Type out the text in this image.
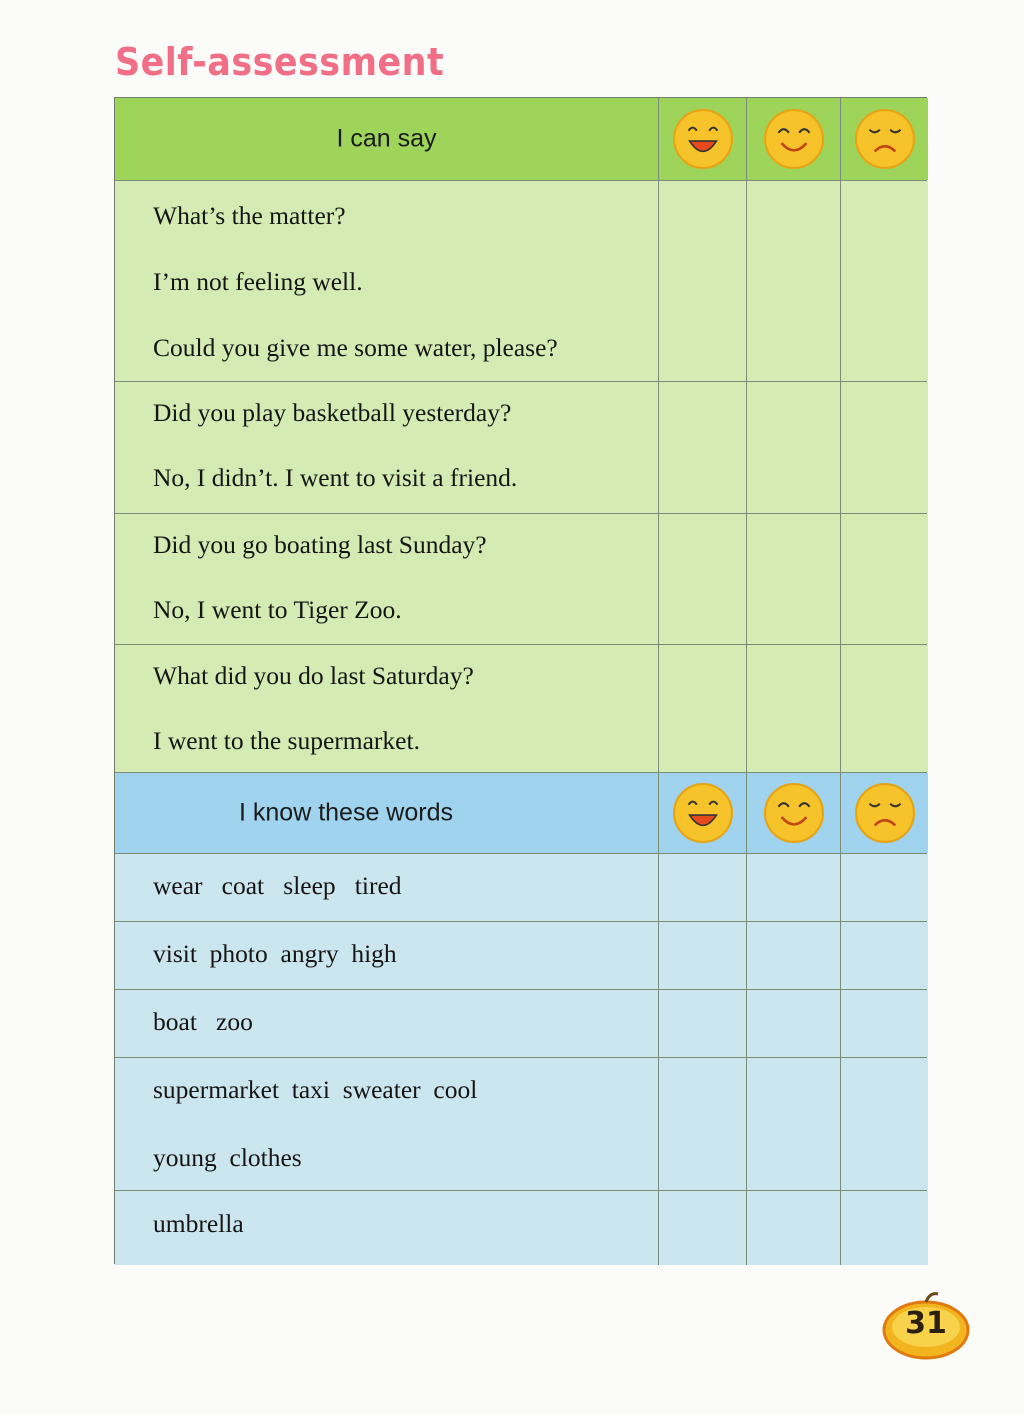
Self-assessment
I can say
What’s the matter?
I’m not feeling well.
Could you give me some water, please?
Did you play basketball yesterday?
No, I didn’t. I went to visit a friend.
Did you go boating last Sunday?
No, I went to Tiger Zoo.
What did you do last Saturday?
I went to the supermarket.
I know these words
wear   coat   sleep   tired
visit  photo  angry  high
boat   zoo
supermarket  taxi  sweater  cool
young  clothes
umbrella
31
